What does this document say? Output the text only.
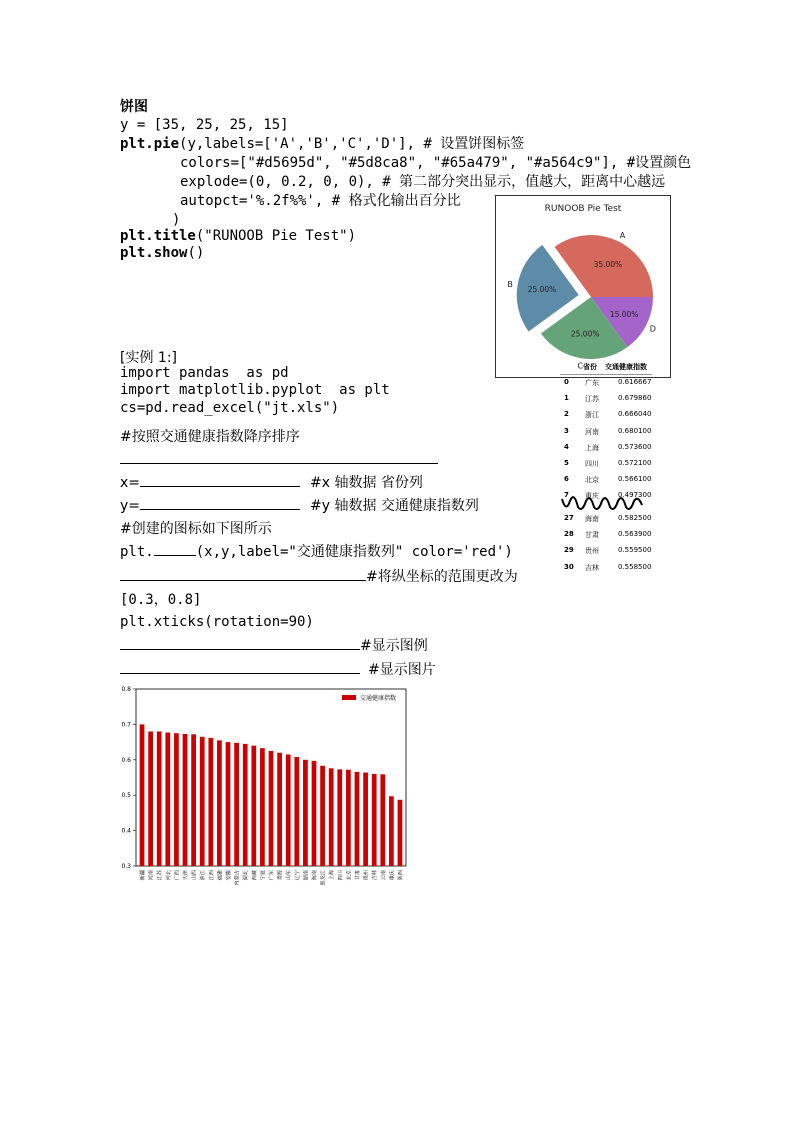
饼图
y = [35, 25, 25, 15]
plt.pie(y,labels=['A','B','C','D'], # 设置饼图标签
colors=["#d5695d", "#5d8ca8", "#65a479", "#a564c9"], #设置颜色
explode=(0, 0.2, 0, 0), # 第二部分突出显示，值越大，距离中心越远
autopct='%.2f%%', # 格式化输出百分比
)
plt.title("RUNOOB Pie Test")
plt.show()
RUNOOB Pie Test
35.00%
A
25.00%
B
25.00%
C
15.00%
D
[实例 1:]
import pandas  as pd
import matplotlib.pyplot  as plt
cs=pd.read_excel("jt.xls")
#按照交通健康指数降序排序
x=	#x 轴数据 省份列
y=	#y 轴数据 交通健康指数列
#创建的图标如下图所示
plt.	(x,y,label="交通健康指数列" color='red')
#将纵坐标的范围更改为
[0.3，0.8]
plt.xticks(rotation=90)
#显示图例
#显示图片
省份 交通健康指数
0 广东	0.616667
1 江苏	0.679860
2 浙江	0.666040
3 河南	0.680100
4 上海	0.573600
5 四川	0.572100
6 北京	0.566100
7 重庆	0.497300
27 海南	0.582500
28 甘肃	0.563900
29 贵州	0.559500
30 吉林	0.558500
0.3
0.4
0.5
0.6
0.7
0.8
新疆 河南 江苏 河北 广西 天津 山西 浙江 江西 福建 安徽 内蒙古 湖北 西藏 宁夏 广东 青海 山东 辽宁 湖南 海南 黑龙江 上海 四川 北京 甘肃 贵州 吉林 云南 重庆 陕西
交通健康指数
